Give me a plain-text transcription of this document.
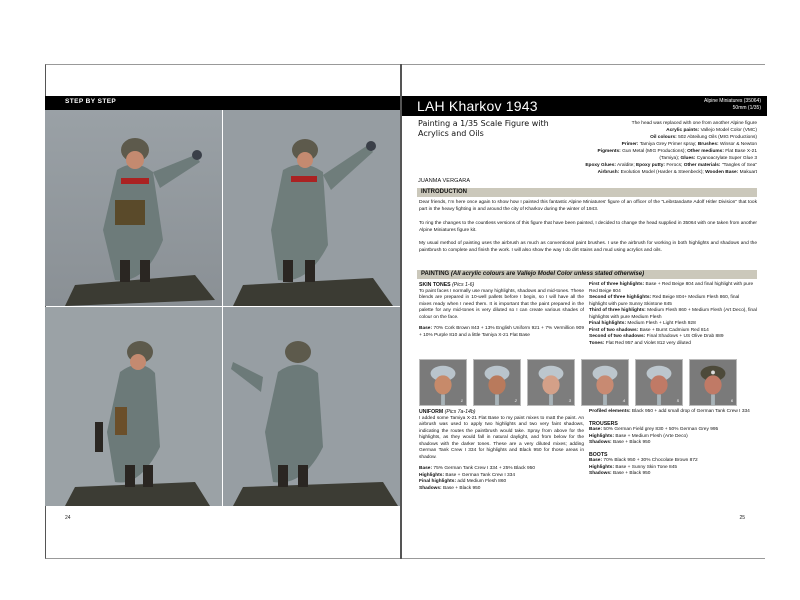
STEP BY STEP
24
LAH Kharkov 1943	Alpine Miniatures (35064)
50mm (1/35)
Painting a 1/35 Scale Figure with Acrylics and Oils
JUANMA VERGARA
The head was replaced with one from another Alpine figure
Acrylic paints: Vallejo Model Color (VMC)
Oil colours: 502 Abteilung Oils (MIG Productions)
Primer: Tamiya Grey Primer spray; Brushes: Winsor & Newton
Pigments: Gun Metal (MIG Productions); Other mediums: Flat Base X-21
(Tamiya); Glues: Cyanoacrylate Super Glue 3
Epoxy Glues: Araldite; Epoxy putty: Ferocs; Other materials: "Tangles of Sea"
Airbrush: Evolution Model (Harder & Steenbeck); Wooden Base: Makuart
INTRODUCTION

Dear friends, I'm here once again to show how I painted this fantastic Alpine Miniatures' figure of an officer of the "Leibstandarte Adolf Hitler Division" that took part in the heavy fighting in and around the city of Kharkov during the winter of 1943.

To ring the changes to the countless versions of this figure that have been painted, I decided to change the head supplied in 35064 with one taken from another Alpine Miniatures figure kit.

My usual method of painting uses the airbrush as much as conventional paint brushes. I use the airbrush for working in both highlights and shadows and the paintbrush to complete and finish the work. I will also show the way I do dirt stains and mud using acrylics and oils.

PAINTING (All acrylic colours are Vallejo Model Color unless stated otherwise)
SKIN TONES (Pics 1-6)

To paint faces I normally use many highlights, shadows and mid-tones. These blends are prepared in 10-well pallets before I begin, so I will have all the mixes ready when I need them. It is important that the paint prepared in the palette for any mid-tones is very diluted so I can create various shades of colour on the face.

Base: 70% Cork Brown 843 + 13% English Uniform 921 + 7% Vermillion 909 + 10% Purple 810 and a little Tamiya X-21 Flat Base

First of three highlights: Base + Red Beige 804 and final highlight with pure Red Beige 804
Second of three highlights: Red Beige 804+ Medium Flesh 860, final highlight with pure Sunny Skintone 845
Third of three highlights: Medium Flesh 860 + Medium Flesh (Art Deco), final highlights with pure Medium Flesh
Final highlights: Medium Flesh + Light Flesh 928
First of two shadows: Base + Burnt Cadmium Red 814
Second of two shadows: Final Shadows + US Olive Drab 889
Tones: Flat Red 957 and Violet 812 very diluted
1	2	3	4	5	6
UNIFORM (Pics 7a-14b)

I added some Tamiya X-21 Flat Base to my paint mixes to matt the paint. An airbrush was used to apply two highlights and two very faint shadows, indicating the routes the paintbrush would take. Spray from above for the highlights, as they would fall in natural daylight, and from below for the shadows with the darker tones. These are a very diluted mixes; adding German Tank Crew I 334 for highlights and Black 950 for those areas in shadow.

Base: 75% German Tank Crew I 334 + 25% Black 950
Highlights: Base + German Tank Crew I 334
Final highlights: add Medium Flesh 860
Shadows: Base + Black 950

Profiled elements: Black 950 + add small drop of German Tank Crew I 334

TROUSERS
Base: 50% German Field grey 830 + 50% German Grey 995
Highlights: Base + Medium Flesh (Arte Deco)
Shadows: Base + Black 950
BOOTS
Base: 70% Black 950 + 30% Chocolate Brown 872
Highlights: Base + Sunny Skin Tone 845
Shadows: Base + Black 950
25
